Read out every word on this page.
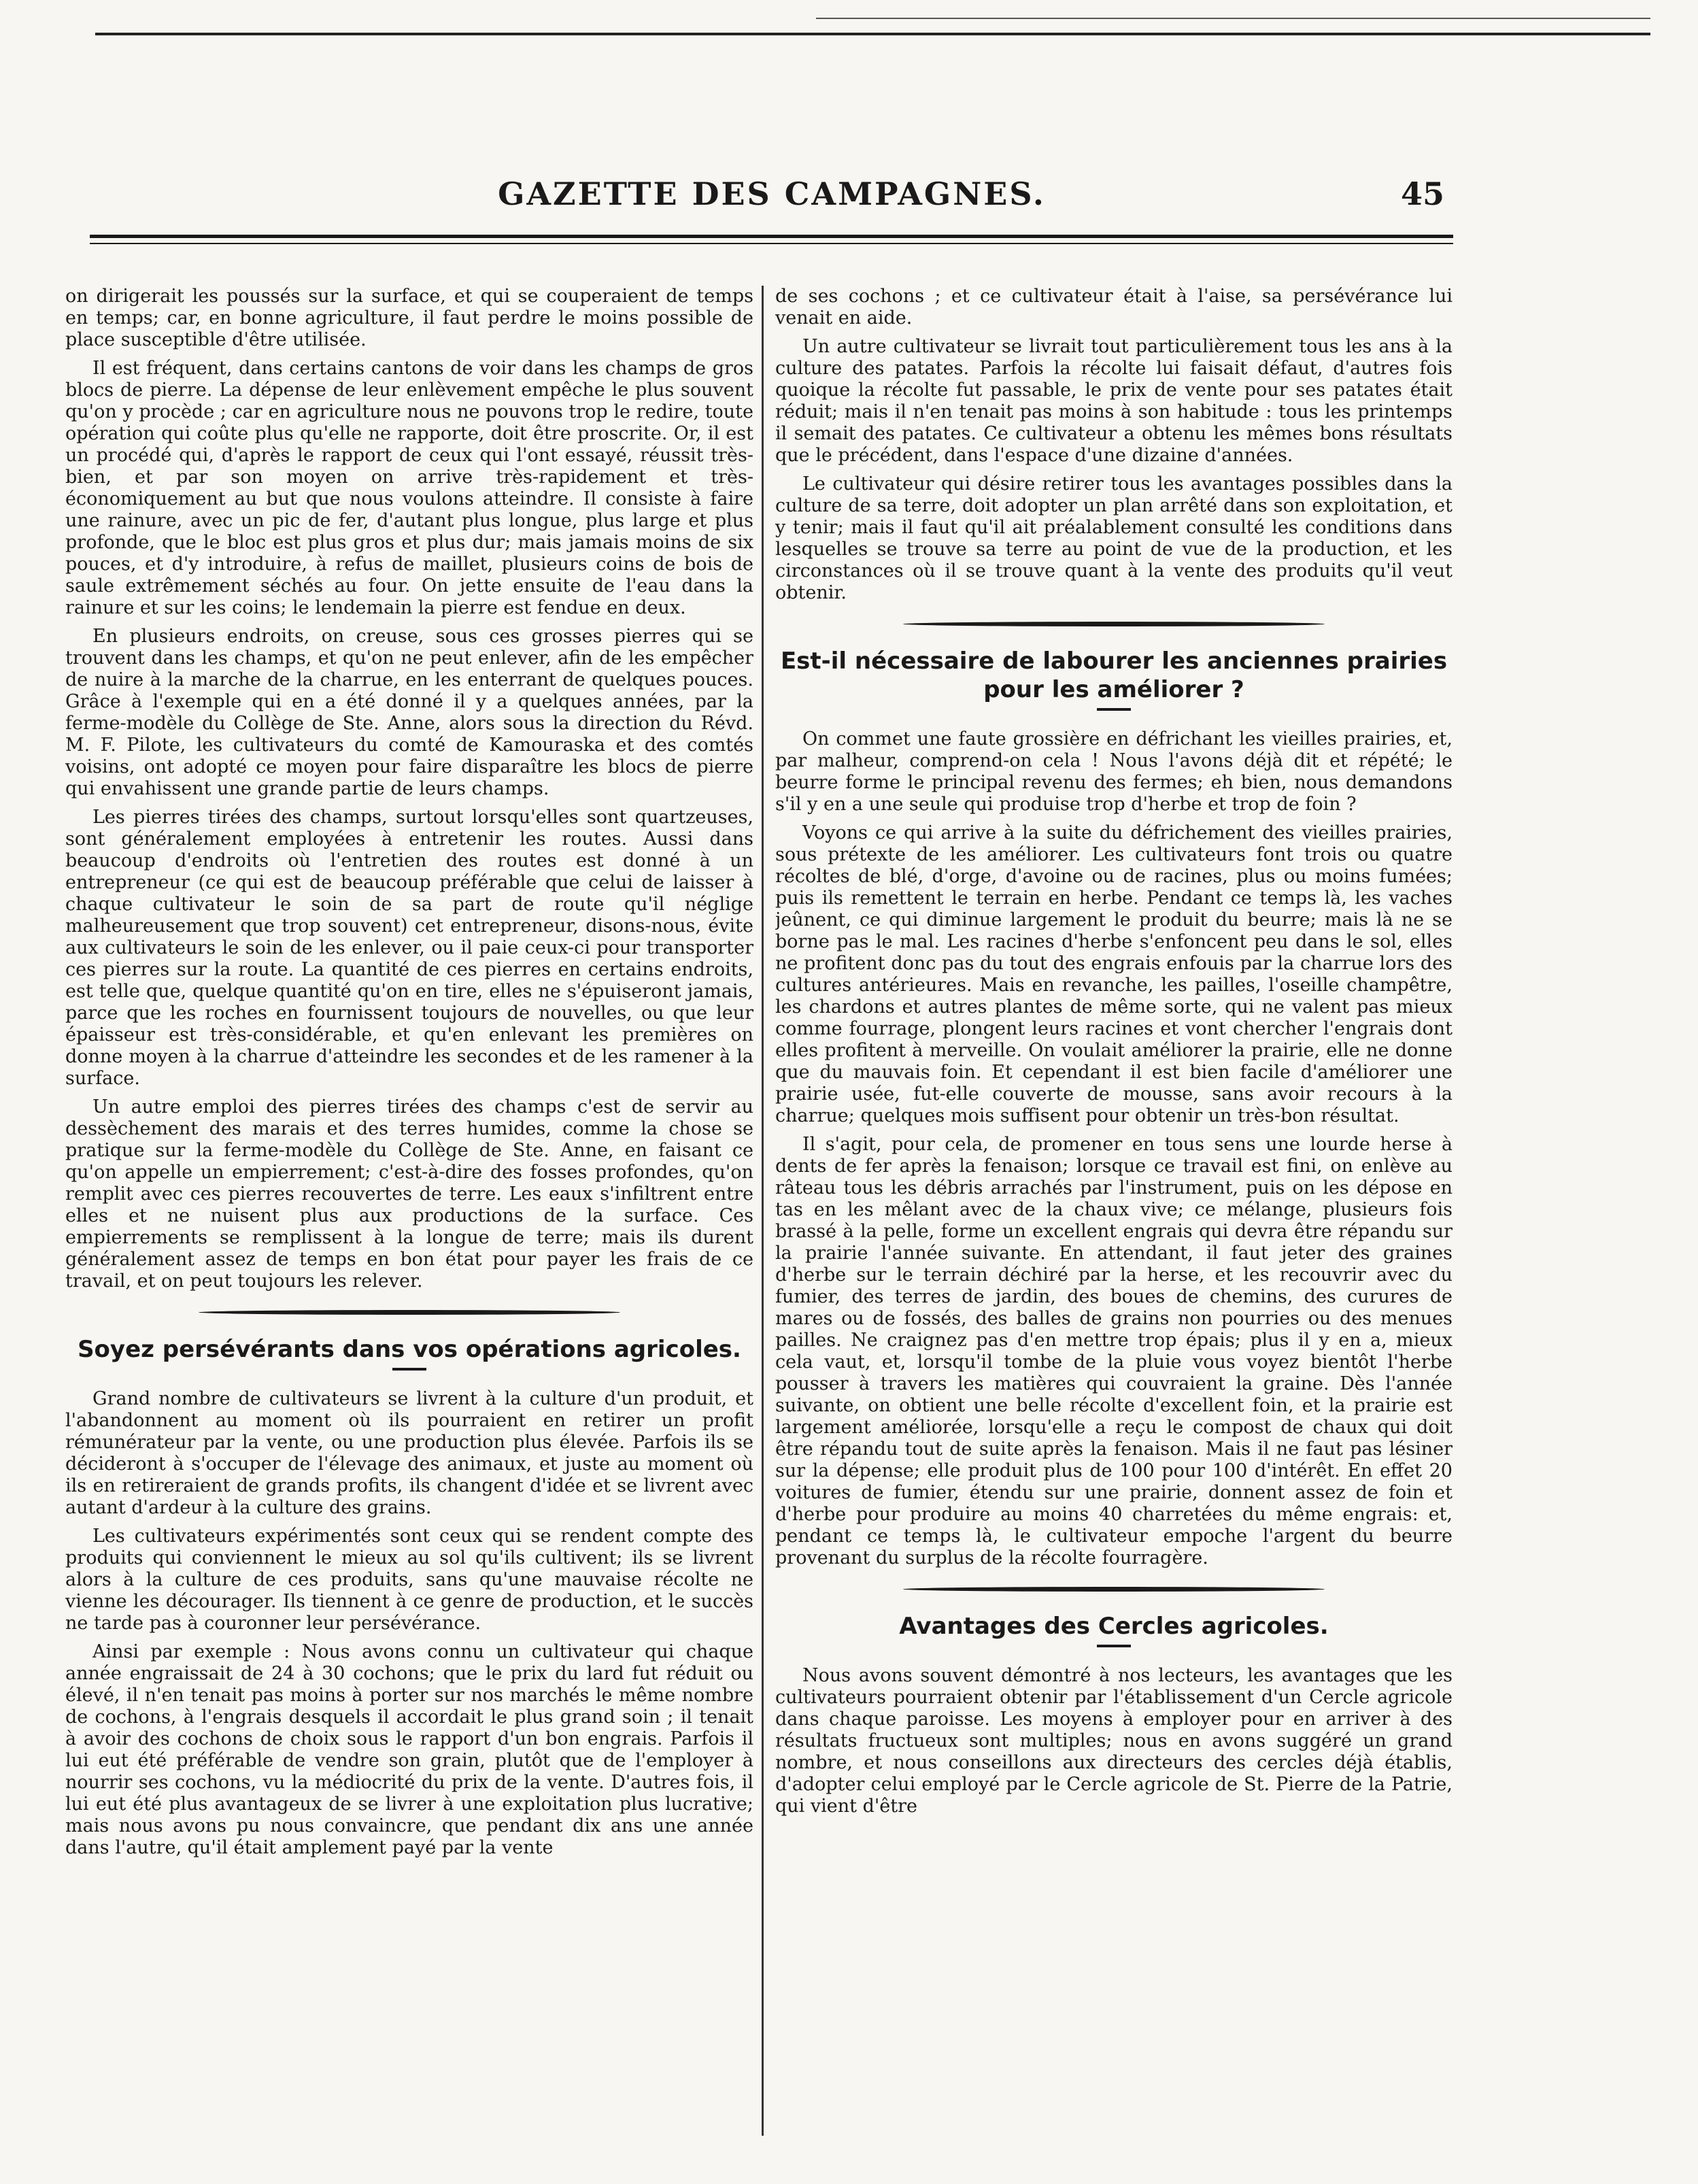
GAZETTE DES CAMPAGNES.	45

on dirigerait les poussés sur la surface, et qui se couperaient de temps en temps; car, en bonne agriculture, il faut perdre le moins possible de place susceptible d'être utilisée.

Il est fréquent, dans certains cantons de voir dans les champs de gros blocs de pierre. La dépense de leur enlèvement empêche le plus souvent qu'on y procède ; car en agriculture nous ne pouvons trop le redire, toute opération qui coûte plus qu'elle ne rapporte, doit être proscrite. Or, il est un procédé qui, d'après le rapport de ceux qui l'ont essayé, réussit très-bien, et par son moyen on arrive très-rapidement et très-économiquement au but que nous voulons atteindre. Il consiste à faire une rainure, avec un pic de fer, d'autant plus longue, plus large et plus profonde, que le bloc est plus gros et plus dur; mais jamais moins de six pouces, et d'y introduire, à refus de maillet, plusieurs coins de bois de saule extrêmement séchés au four. On jette ensuite de l'eau dans la rainure et sur les coins; le lendemain la pierre est fendue en deux.

En plusieurs endroits, on creuse, sous ces grosses pierres qui se trouvent dans les champs, et qu'on ne peut enlever, afin de les empêcher de nuire à la marche de la charrue, en les enterrant de quelques pouces. Grâce à l'exemple qui en a été donné il y a quelques années, par la ferme-modèle du Collège de Ste. Anne, alors sous la direction du Révd. M. F. Pilote, les cultivateurs du comté de Kamouraska et des comtés voisins, ont adopté ce moyen pour faire disparaître les blocs de pierre qui envahissent une grande partie de leurs champs.

Les pierres tirées des champs, surtout lorsqu'elles sont quartzeuses, sont généralement employées à entretenir les routes. Aussi dans beaucoup d'endroits où l'entretien des routes est donné à un entrepreneur (ce qui est de beaucoup préférable que celui de laisser à chaque cultivateur le soin de sa part de route qu'il néglige malheureusement que trop souvent) cet entrepreneur, disons-nous, évite aux cultivateurs le soin de les enlever, ou il paie ceux-ci pour transporter ces pierres sur la route. La quantité de ces pierres en certains endroits, est telle que, quelque quantité qu'on en tire, elles ne s'épuiseront jamais, parce que les roches en fournissent toujours de nouvelles, ou que leur épaisseur est très-considérable, et qu'en enlevant les premières on donne moyen à la charrue d'atteindre les secondes et de les ramener à la surface.

Un autre emploi des pierres tirées des champs c'est de servir au dessèchement des marais et des terres humides, comme la chose se pratique sur la ferme-modèle du Collège de Ste. Anne, en faisant ce qu'on appelle un empierrement; c'est-à-dire des fosses profondes, qu'on remplit avec ces pierres recouvertes de terre. Les eaux s'infiltrent entre elles et ne nuisent plus aux productions de la surface. Ces empierrements se remplissent à la longue de terre; mais ils durent généralement assez de temps en bon état pour payer les frais de ce travail, et on peut toujours les relever.

Soyez persévérants dans vos opérations agricoles.

Grand nombre de cultivateurs se livrent à la culture d'un produit, et l'abandonnent au moment où ils pourraient en retirer un profit rémunérateur par la vente, ou une production plus élevée. Parfois ils se décideront à s'occuper de l'élevage des animaux, et juste au moment où ils en retireraient de grands profits, ils changent d'idée et se livrent avec autant d'ardeur à la culture des grains.

Les cultivateurs expérimentés sont ceux qui se rendent compte des produits qui conviennent le mieux au sol qu'ils cultivent; ils se livrent alors à la culture de ces produits, sans qu'une mauvaise récolte ne vienne les décourager. Ils tiennent à ce genre de production, et le succès ne tarde pas à couronner leur persévérance.

Ainsi par exemple : Nous avons connu un cultivateur qui chaque année engraissait de 24 à 30 cochons; que le prix du lard fut réduit ou élevé, il n'en tenait pas moins à porter sur nos marchés le même nombre de cochons, à l'engrais desquels il accordait le plus grand soin ; il tenait à avoir des cochons de choix sous le rapport d'un bon engrais. Parfois il lui eut été préférable de vendre son grain, plutôt que de l'employer à nourrir ses cochons, vu la médiocrité du prix de la vente. D'autres fois, il lui eut été plus avantageux de se livrer à une exploitation plus lucrative; mais nous avons pu nous convaincre, que pendant dix ans une année dans l'autre, qu'il était amplement payé par la vente

de ses cochons ; et ce cultivateur était à l'aise, sa persévérance lui venait en aide.

Un autre cultivateur se livrait tout particulièrement tous les ans à la culture des patates. Parfois la récolte lui faisait défaut, d'autres fois quoique la récolte fut passable, le prix de vente pour ses patates était réduit; mais il n'en tenait pas moins à son habitude : tous les printemps il semait des patates. Ce cultivateur a obtenu les mêmes bons résultats que le précédent, dans l'espace d'une dizaine d'années.

Le cultivateur qui désire retirer tous les avantages possibles dans la culture de sa terre, doit adopter un plan arrêté dans son exploitation, et y tenir; mais il faut qu'il ait préalablement consulté les conditions dans lesquelles se trouve sa terre au point de vue de la production, et les circonstances où il se trouve quant à la vente des produits qu'il veut obtenir.

Est-il nécessaire de labourer les anciennes prairies pour les améliorer ?

On commet une faute grossière en défrichant les vieilles prairies, et, par malheur, comprend-on cela ! Nous l'avons déjà dit et répété; le beurre forme le principal revenu des fermes; eh bien, nous demandons s'il y en a une seule qui produise trop d'herbe et trop de foin ?

Voyons ce qui arrive à la suite du défrichement des vieilles prairies, sous prétexte de les améliorer. Les cultivateurs font trois ou quatre récoltes de blé, d'orge, d'avoine ou de racines, plus ou moins fumées; puis ils remettent le terrain en herbe. Pendant ce temps là, les vaches jeûnent, ce qui diminue largement le produit du beurre; mais là ne se borne pas le mal. Les racines d'herbe s'enfoncent peu dans le sol, elles ne profitent donc pas du tout des engrais enfouis par la charrue lors des cultures antérieures. Mais en revanche, les pailles, l'oseille champêtre, les chardons et autres plantes de même sorte, qui ne valent pas mieux comme fourrage, plongent leurs racines et vont chercher l'engrais dont elles profitent à merveille. On voulait améliorer la prairie, elle ne donne que du mauvais foin. Et cependant il est bien facile d'améliorer une prairie usée, fut-elle couverte de mousse, sans avoir recours à la charrue; quelques mois suffisent pour obtenir un très-bon résultat.

Il s'agit, pour cela, de promener en tous sens une lourde herse à dents de fer après la fenaison; lorsque ce travail est fini, on enlève au râteau tous les débris arrachés par l'instrument, puis on les dépose en tas en les mêlant avec de la chaux vive; ce mélange, plusieurs fois brassé à la pelle, forme un excellent engrais qui devra être répandu sur la prairie l'année suivante. En attendant, il faut jeter des graines d'herbe sur le terrain déchiré par la herse, et les recouvrir avec du fumier, des terres de jardin, des boues de chemins, des curures de mares ou de fossés, des balles de grains non pourries ou des menues pailles. Ne craignez pas d'en mettre trop épais; plus il y en a, mieux cela vaut, et, lorsqu'il tombe de la pluie vous voyez bientôt l'herbe pousser à travers les matières qui couvraient la graine. Dès l'année suivante, on obtient une belle récolte d'excellent foin, et la prairie est largement améliorée, lorsqu'elle a reçu le compost de chaux qui doit être répandu tout de suite après la fenaison. Mais il ne faut pas lésiner sur la dépense; elle produit plus de 100 pour 100 d'intérêt. En effet 20 voitures de fumier, étendu sur une prairie, donnent assez de foin et d'herbe pour produire au moins 40 charretées du même engrais: et, pendant ce temps là, le cultivateur empoche l'argent du beurre provenant du surplus de la récolte fourragère.

Avantages des Cercles agricoles.

Nous avons souvent démontré à nos lecteurs, les avantages que les cultivateurs pourraient obtenir par l'établissement d'un Cercle agricole dans chaque paroisse. Les moyens à employer pour en arriver à des résultats fructueux sont multiples; nous en avons suggéré un grand nombre, et nous conseillons aux directeurs des cercles déjà établis, d'adopter celui employé par le Cercle agricole de St. Pierre de la Patrie, qui vient d'être
